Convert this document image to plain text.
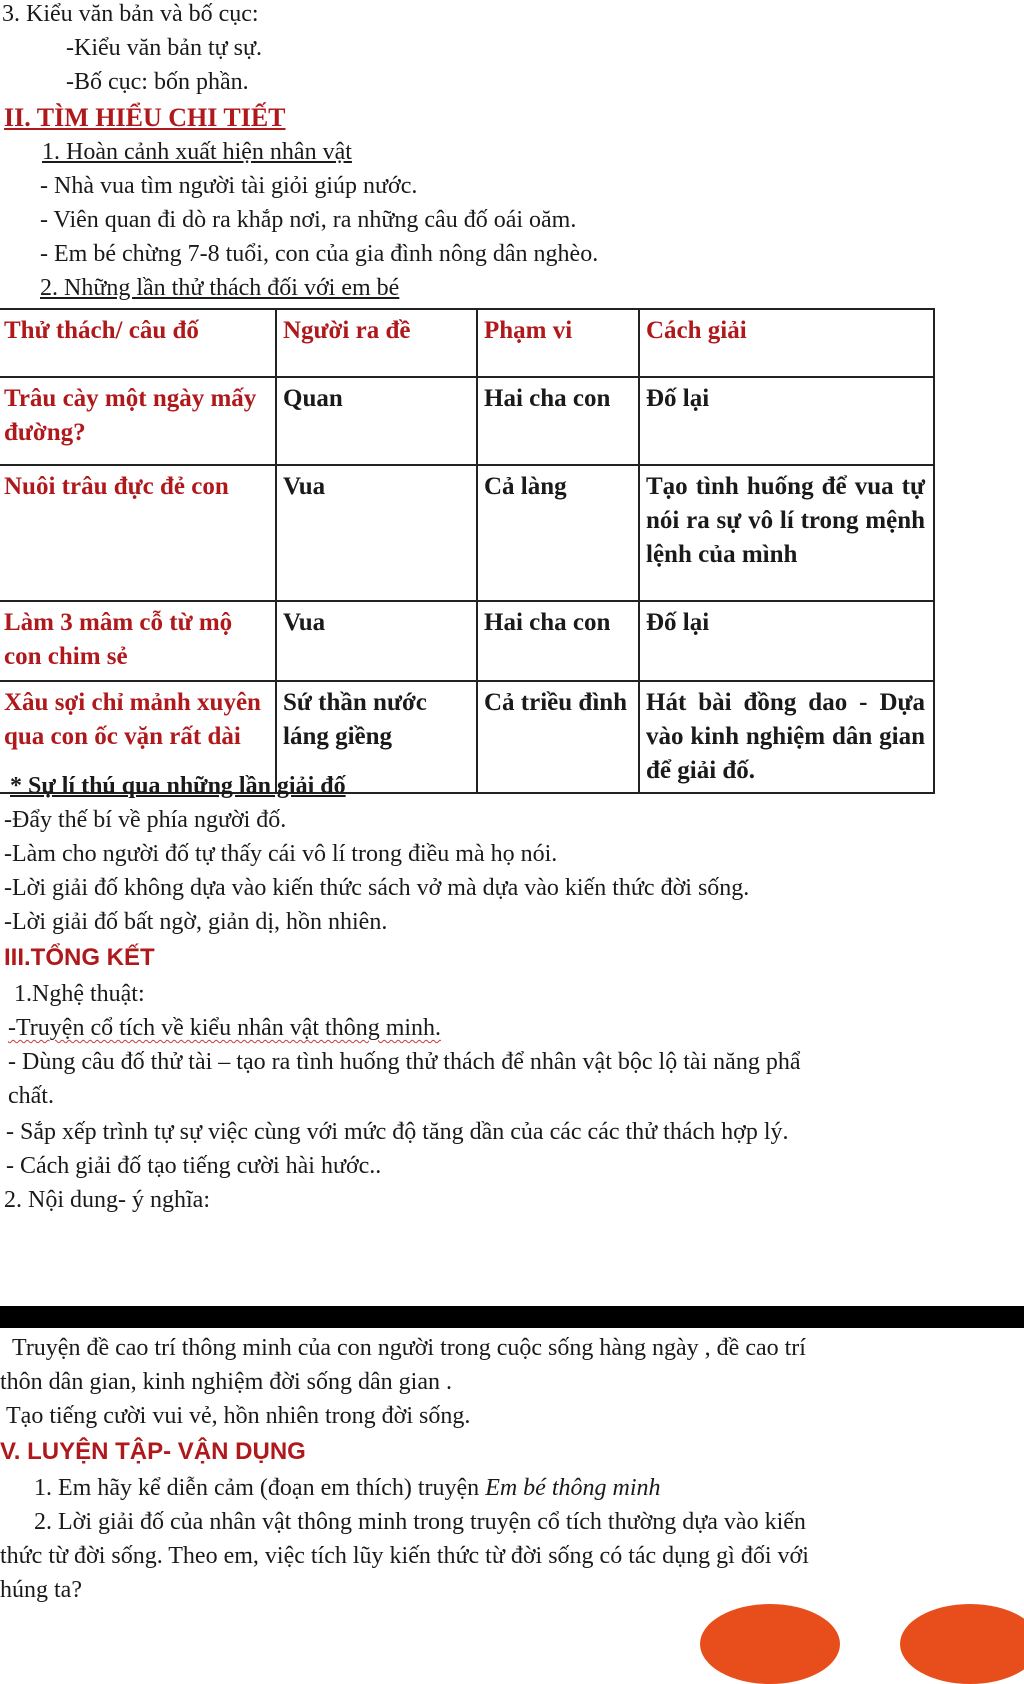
3. Kiểu văn bản và bố cục:
-Kiểu văn bản tự sự.
-Bố cục: bốn phần.
II. TÌM HIỂU CHI TIẾT
1. Hoàn cảnh xuất hiện nhân vật
- Nhà vua tìm người tài giỏi giúp nước.
- Viên quan đi dò ra khắp nơi, ra những câu đố oái oăm.
- Em bé chừng 7-8 tuổi, con của gia đình nông dân nghèo.
2. Những lần thử thách đối với em bé
Thử thách/ câu đố	Người ra đề	Phạm vi	Cách giải
Trâu cày một ngày mấy đường?	Quan	Hai cha con	Đố lại
Nuôi trâu đực đẻ con	Vua	Cả làng	Tạo tình huống để vua tự nói ra sự vô lí trong mệnh lệnh của mình
Làm 3 mâm cỗ từ mộ con chim sẻ	Vua	Hai cha con	Đố lại
Xâu sợi chỉ mảnh xuyên qua con ốc vặn rất dài	Sứ thần nước láng giềng	Cả triều đình	Hát bài đồng dao - Dựa vào kinh nghiệm dân gian để giải đố.
* Sự lí thú qua những lần giải đố
-Đẩy thế bí về phía người đố.
-Làm cho người đố tự thấy cái vô lí trong điều mà họ nói.
-Lời giải đố không dựa vào kiến thức sách vở mà dựa vào kiến thức đời sống.
-Lời giải đố bất ngờ, giản dị, hồn nhiên.
III.TỔNG KẾT
1.Nghệ thuật:
-Truyện cổ tích về kiểu nhân vật thông minh.
- Dùng câu đố thử tài – tạo ra tình huống thử thách để nhân vật bộc lộ tài năng phẩ
chất.
- Sắp xếp trình tự sự việc cùng với mức độ tăng dần của các các thử thách hợp lý.
- Cách giải đố tạo tiếng cười hài hước..
2. Nội dung- ý nghĩa:
Truyện đề cao trí thông minh của con người trong cuộc sống hàng ngày , đề cao trí
thôn dân gian, kinh nghiệm đời sống dân gian .
Tạo tiếng cười vui vẻ, hồn nhiên trong đời sống.
V. LUYỆN TẬP- VẬN DỤNG
1. Em hãy kể diễn cảm (đoạn em thích) truyện Em bé thông minh
2. Lời giải đố của nhân vật thông minh trong truyện cổ tích thường dựa vào kiến
thức từ đời sống. Theo em, việc tích lũy kiến thức từ đời sống có tác dụng gì đối với
húng ta?
